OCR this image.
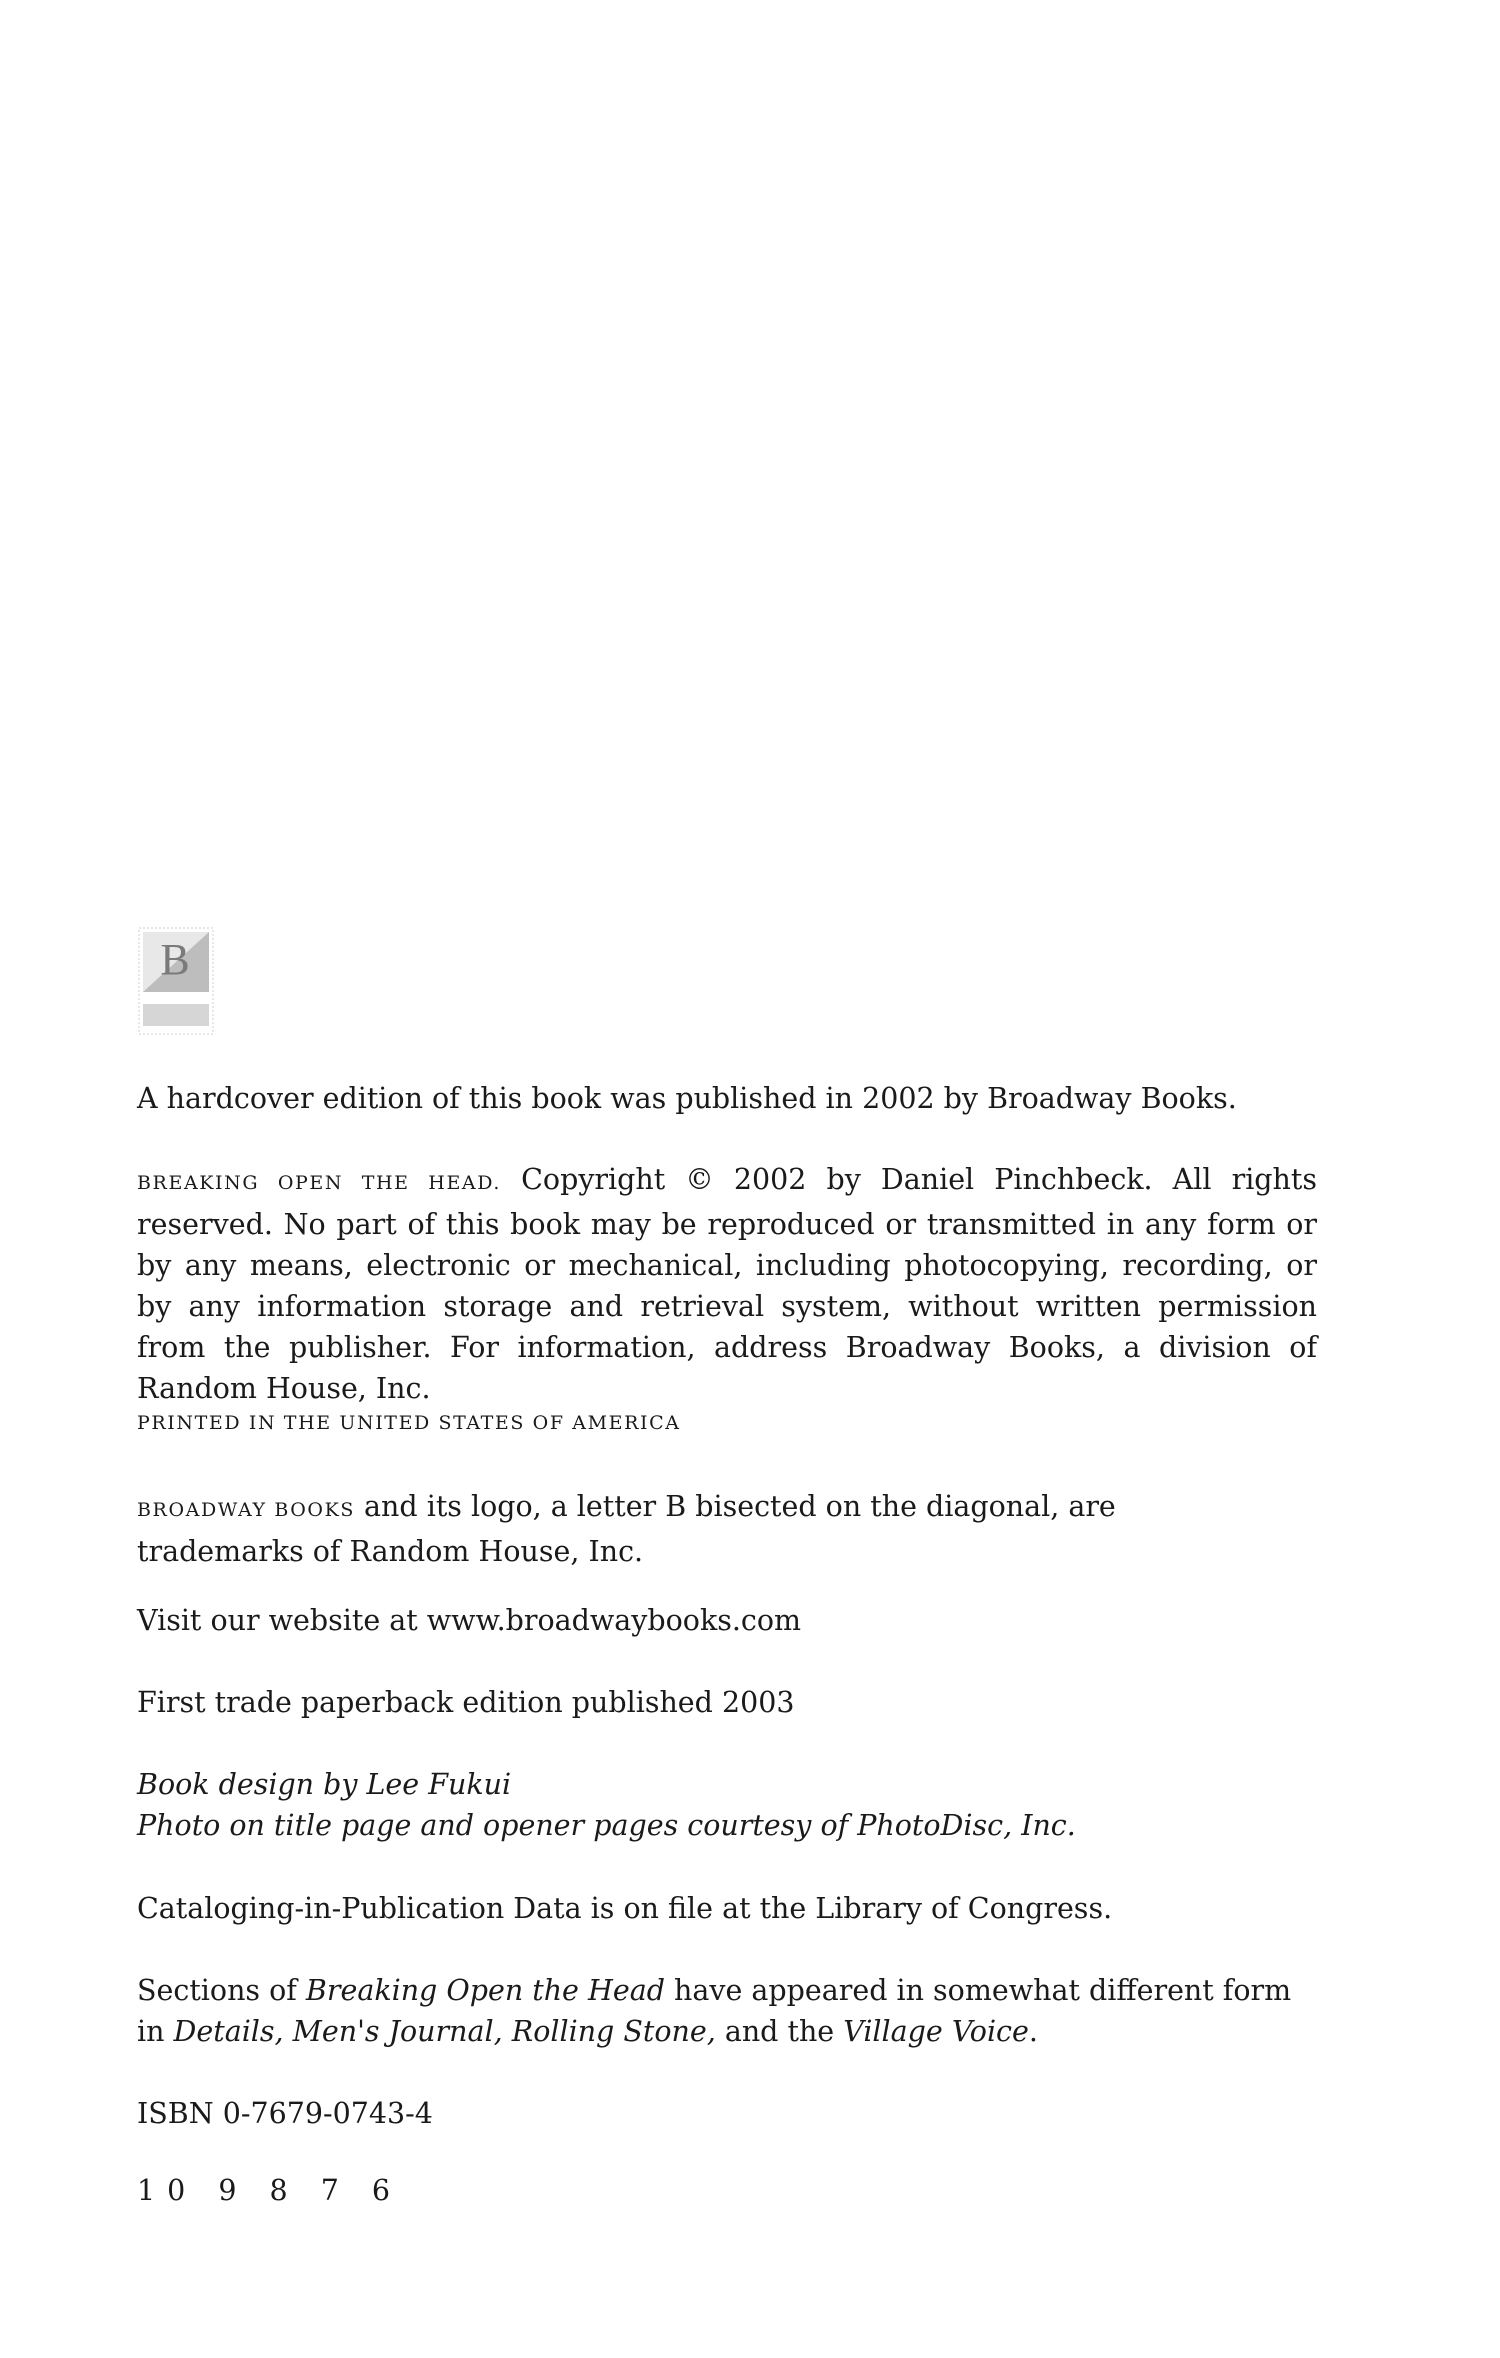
B

A hardcover edition of this book was published in 2002 by Broadway Books.

BREAKING OPEN THE HEAD. Copyright © 2002 by Daniel Pinchbeck. All rights reserved. No part of this book may be reproduced or transmitted in any form or by any means, electronic or mechanical, including photocopying, recording, or by any information storage and retrieval system, without written permission from the publisher. For information, address Broadway Books, a division of Random House, Inc.

PRINTED IN THE UNITED STATES OF AMERICA

BROADWAY BOOKS and its logo, a letter B bisected on the diagonal, are trademarks of Random House, Inc.

Visit our website at www.broadwaybooks.com

First trade paperback edition published 2003

Book design by Lee Fukui

Photo on title page and opener pages courtesy of PhotoDisc, Inc.

Cataloging-in-Publication Data is on file at the Library of Congress.

Sections of Breaking Open the Head have appeared in somewhat different form in Details, Men's Journal, Rolling Stone, and the Village Voice.

ISBN 0-7679-0743-4

10 9 8 7 6
